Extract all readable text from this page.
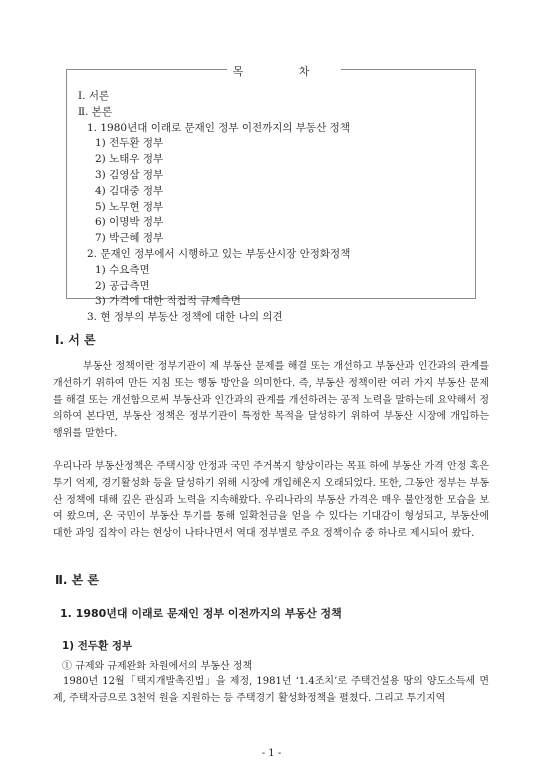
목 차
Ⅰ. 서론
Ⅱ. 본론
1. 1980년대 이래로 문재인 정부 이전까지의 부동산 정책
1) 전두환 정부
2) 노태우 정부
3) 김영삼 정부
4) 김대중 정부
5) 노무현 정부
6) 이명박 정부
7) 박근혜 정부
2. 문재인 정부에서 시행하고 있는 부동산시장 안정화정책
1) 수요측면
2) 공급측면
3) 가격에 대한 직접적 규제측면
3. 현 정부의 부동산 정책에 대한 나의 의견
Ⅰ. 서 론

부동산 정책이란 정부기관이 제 부동산 문제를 해결 또는 개선하고 부동산과 인간과의 관계를 개선하기 위하여 만든 지침 또는 행동 방안을 의미한다. 즉, 부동산 정책이란 여러 가지 부동산 문제를 해결 또는 개선함으로써 부동산과 인간과의 관계를 개선하려는 공적 노력을 말하는데 요약해서 정의하여 본다면, 부동산 정책은 정부기관이 특정한 목적을 달성하기 위하여 부동산 시장에 개입하는 행위를 말한다.

우리나라 부동산정책은 주택시장 안정과 국민 주거복지 향상이라는 목표 하에 부동산 가격 안정 혹은 투기 억제, 경기활성화 등을 달성하기 위해 시장에 개입해온지 오래되었다. 또한, 그동안 정부는 부동산 정책에 대해 깊은 관심과 노력을 지속해왔다. 우리나라의 부동산 가격은 매우 불안정한 모습을 보여 왔으며, 온 국민이 부동산 투기를 통해 일확천금을 얻을 수 있다는 기대감이 형성되고, 부동산에 대한 과잉 집착이 라는 현상이 나타나면서 역대 정부별로 주요 정책이슈 중 하나로 제시되어 왔다.

Ⅱ. 본 론
1. 1980년대 이래로 문재인 정부 이전까지의 부동산 정책
1) 전두환 정부
① 규제와 규제완화 차원에서의 부동산 정책

1980년 12월「택지개발촉진법」을 제정, 1981년 ‘1.4조치’로 주택건설용 땅의 양도소득세 면제, 주택자금으로 3천억 원을 지원하는 등 주택경기 활성화정책을 펼쳤다. 그리고 투기지역

- 1 -
